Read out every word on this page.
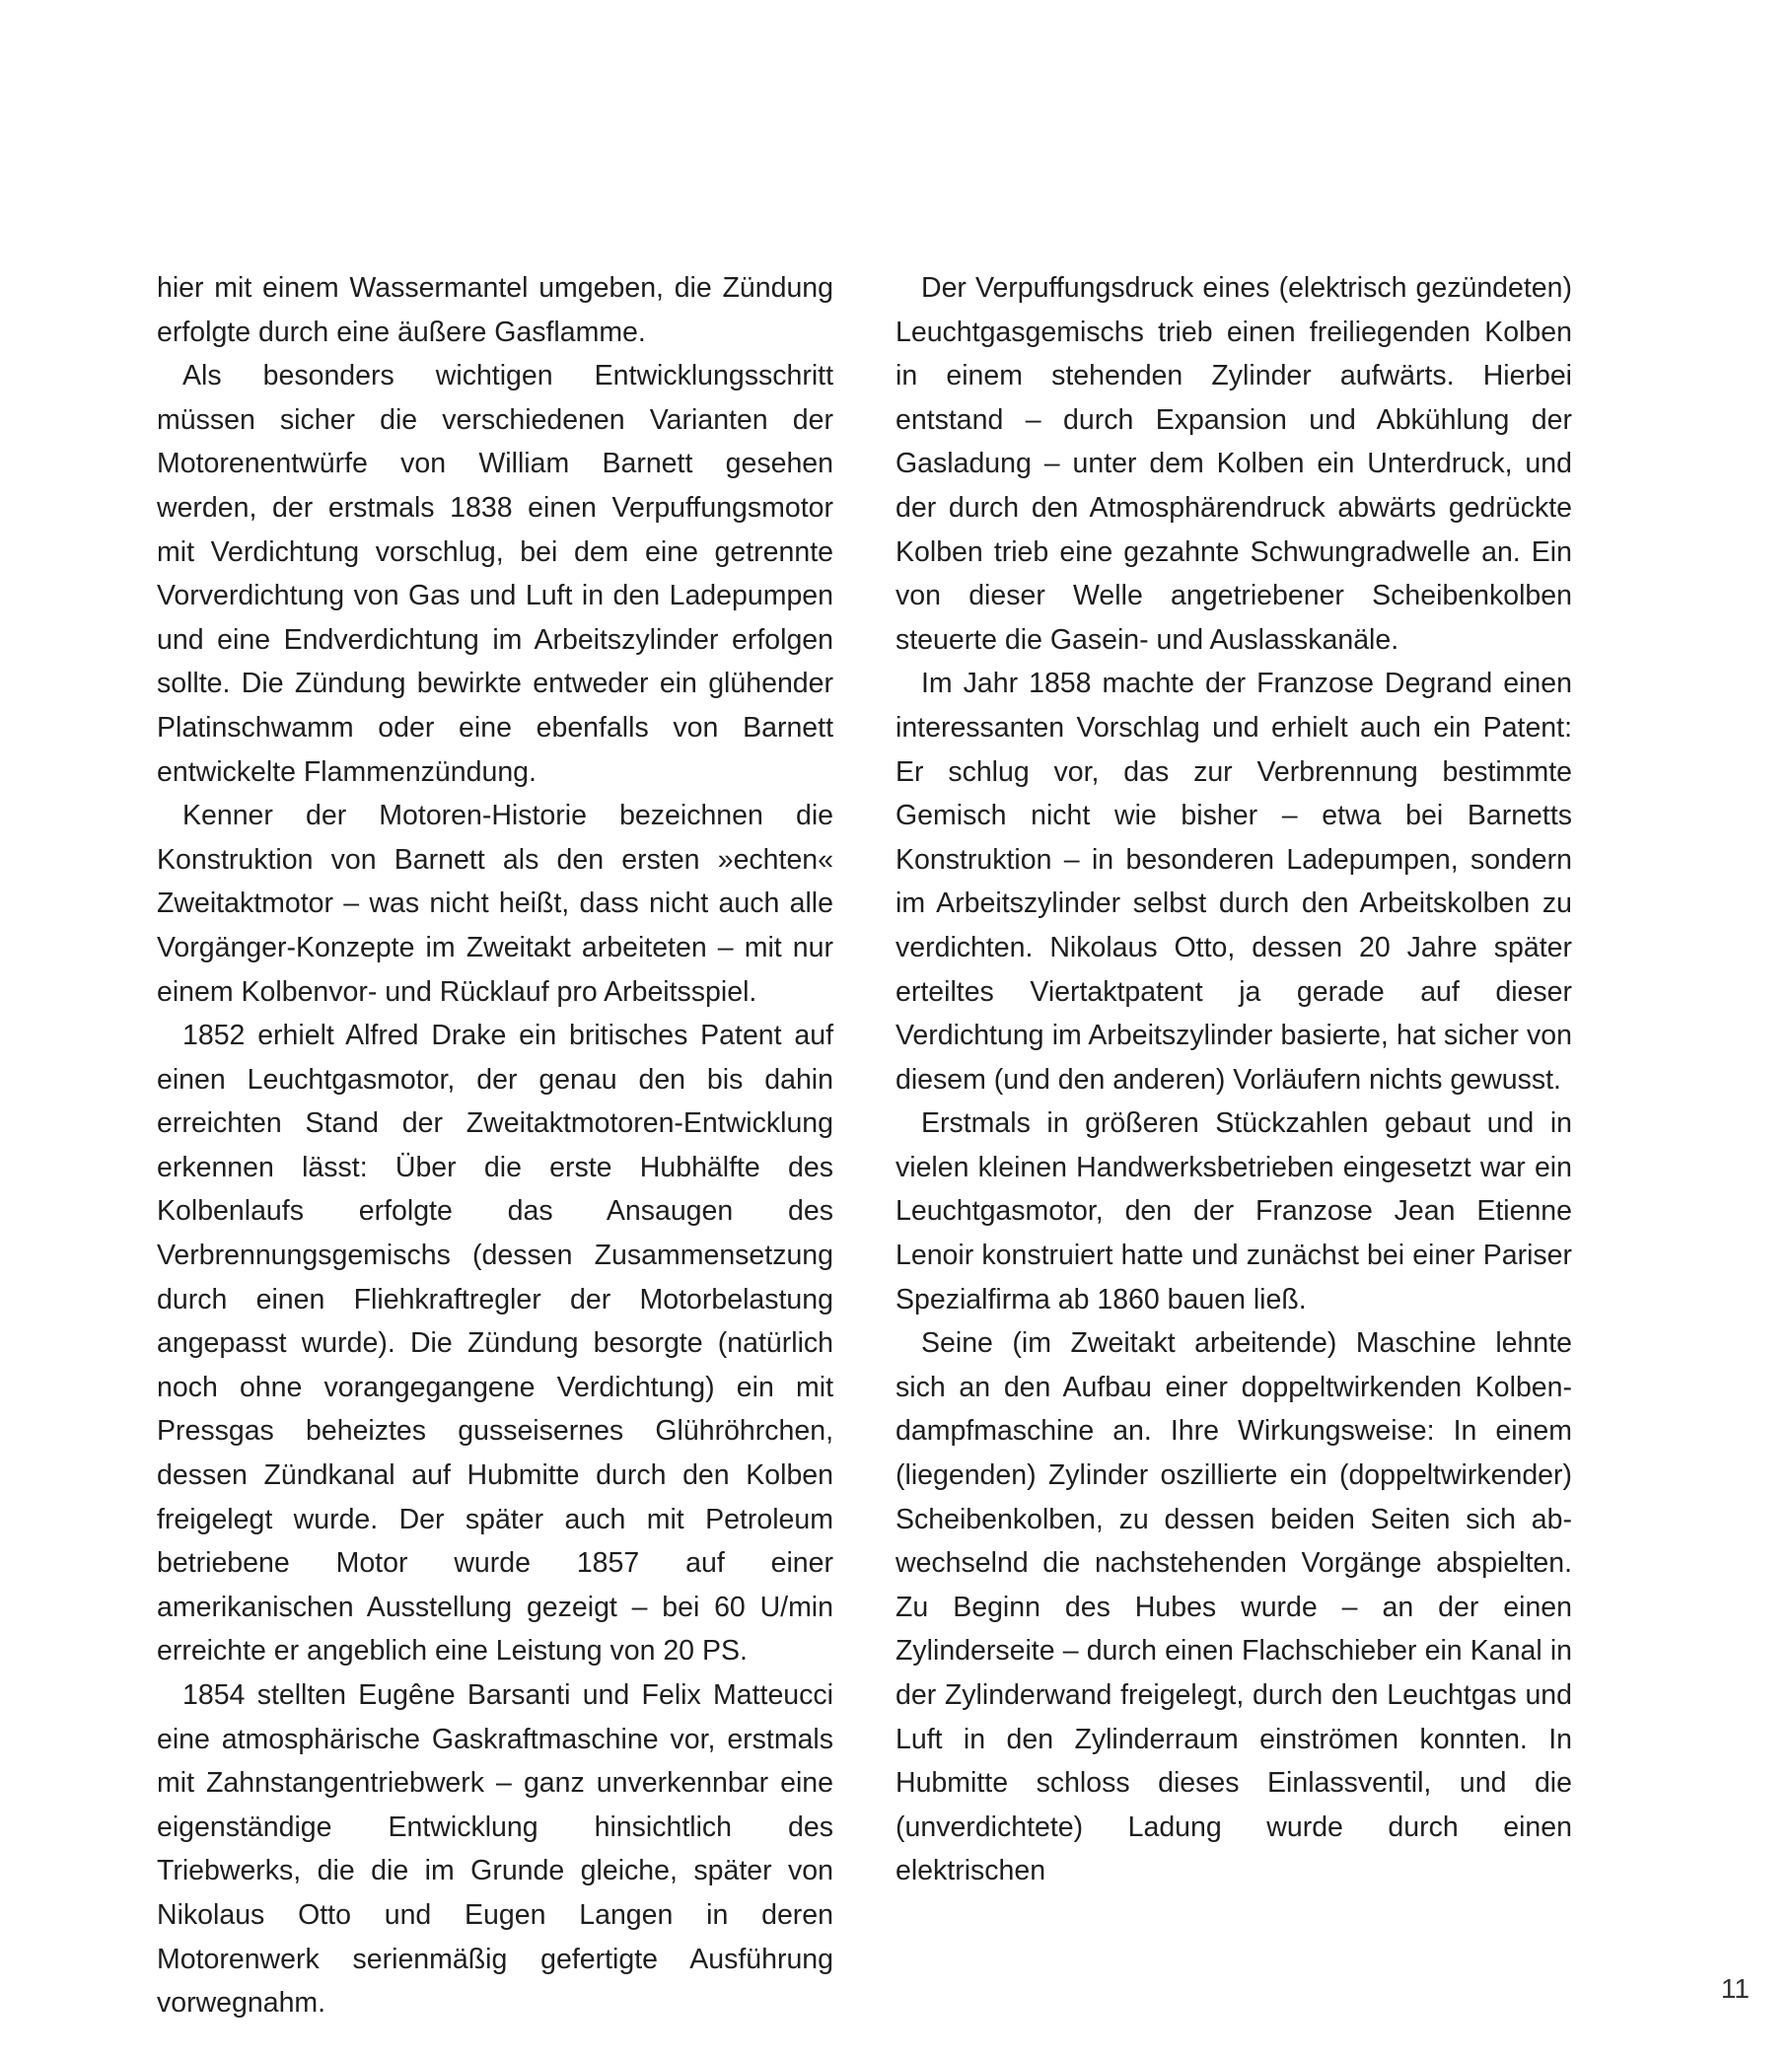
hier mit einem Wassermantel umgeben, die Zündung erfolgte durch eine äußere Gasflamme.

Als besonders wichtigen Entwicklungsschritt müssen sicher die verschiedenen Varianten der Motorenentwürfe von William Barnett gesehen werden, der erstmals 1838 einen Verpuffungsmotor mit Verdichtung vorschlug, bei dem eine getrennte Vorverdichtung von Gas und Luft in den Ladepumpen und eine Endverdichtung im Arbeitszylinder erfolgen sollte. Die Zündung bewirkte entweder ein glühender Platinschwamm oder eine ebenfalls von Barnett entwickelte Flammenzündung.

Kenner der Motoren-Historie bezeichnen die Konstruktion von Barnett als den ersten »echten« Zweitaktmotor – was nicht heißt, dass nicht auch alle Vorgänger-Konzepte im Zweitakt arbeiteten – mit nur einem Kolbenvor- und Rücklauf pro Arbeitsspiel.

1852 erhielt Alfred Drake ein britisches Patent auf einen Leuchtgasmotor, der genau den bis dahin erreichten Stand der Zweitaktmotoren-Entwicklung erkennen lässt: Über die erste Hubhälfte des Kolbenlaufs erfolgte das Ansaugen des Verbrennungsgemischs (dessen Zusammensetzung durch einen Fliehkraftregler der Motorbelastung angepasst wurde). Die Zündung besorgte (natürlich noch ohne vorangegangene Verdichtung) ein mit Pressgas beheiztes gusseisernes Glühröhrchen, dessen Zündkanal auf Hubmitte durch den Kolben freigelegt wurde. Der später auch mit Petroleum betriebene Motor wurde 1857 auf einer amerikanischen Ausstellung gezeigt – bei 60 U/min erreichte er angeblich eine Leistung von 20 PS.

1854 stellten Eugêne Barsanti und Felix Matteucci eine atmosphärische Gaskraftmaschine vor, erstmals mit Zahnstangentriebwerk – ganz unverkennbar eine eigenständige Entwicklung hinsichtlich des Triebwerks, die die im Grunde gleiche, später von Nikolaus Otto und Eugen Langen in deren Motorenwerk serienmäßig gefertigte Ausführung vorwegnahm.

Der Verpuffungsdruck eines (elektrisch gezündeten) Leuchtgasgemischs trieb einen freiliegenden Kolben in einem stehenden Zylinder aufwärts. Hierbei entstand – durch Expansion und Abkühlung der Gasladung – unter dem Kolben ein Unterdruck, und der durch den Atmosphärendruck abwärts gedrückte Kolben trieb eine gezahnte Schwungradwelle an. Ein von dieser Welle angetriebener Scheibenkolben steuerte die Gasein- und Auslasskanäle.

Im Jahr 1858 machte der Franzose Degrand einen interessanten Vorschlag und erhielt auch ein Patent: Er schlug vor, das zur Verbrennung bestimmte Gemisch nicht wie bisher – etwa bei Barnetts Konstruktion – in besonderen Ladepumpen, sondern im Arbeitszylinder selbst durch den Arbeitskolben zu verdichten. Nikolaus Otto, dessen 20 Jahre später erteiltes Viertaktpatent ja gerade auf dieser Verdichtung im Arbeitszylinder basierte, hat sicher von diesem (und den anderen) Vorläufern nichts gewusst.

Erstmals in größeren Stückzahlen gebaut und in vielen kleinen Handwerksbetrieben eingesetzt war ein Leuchtgasmotor, den der Franzose Jean Etienne Lenoir konstruiert hatte und zunächst bei einer Pariser Spezialfirma ab 1860 bauen ließ.

Seine (im Zweitakt arbeitende) Maschine lehnte sich an den Aufbau einer doppeltwirkenden Kolben-dampfmaschine an. Ihre Wirkungsweise: In einem (liegenden) Zylinder oszillierte ein (doppeltwirkender) Scheibenkolben, zu dessen beiden Seiten sich ab-wechselnd die nachstehenden Vorgänge abspielten. Zu Beginn des Hubes wurde – an der einen Zylinderseite – durch einen Flachschieber ein Kanal in der Zylinderwand freigelegt, durch den Leuchtgas und Luft in den Zylinderraum einströmen konnten. In Hubmitte schloss dieses Einlassventil, und die (unverdichtete) Ladung wurde durch einen elektrischen

11
